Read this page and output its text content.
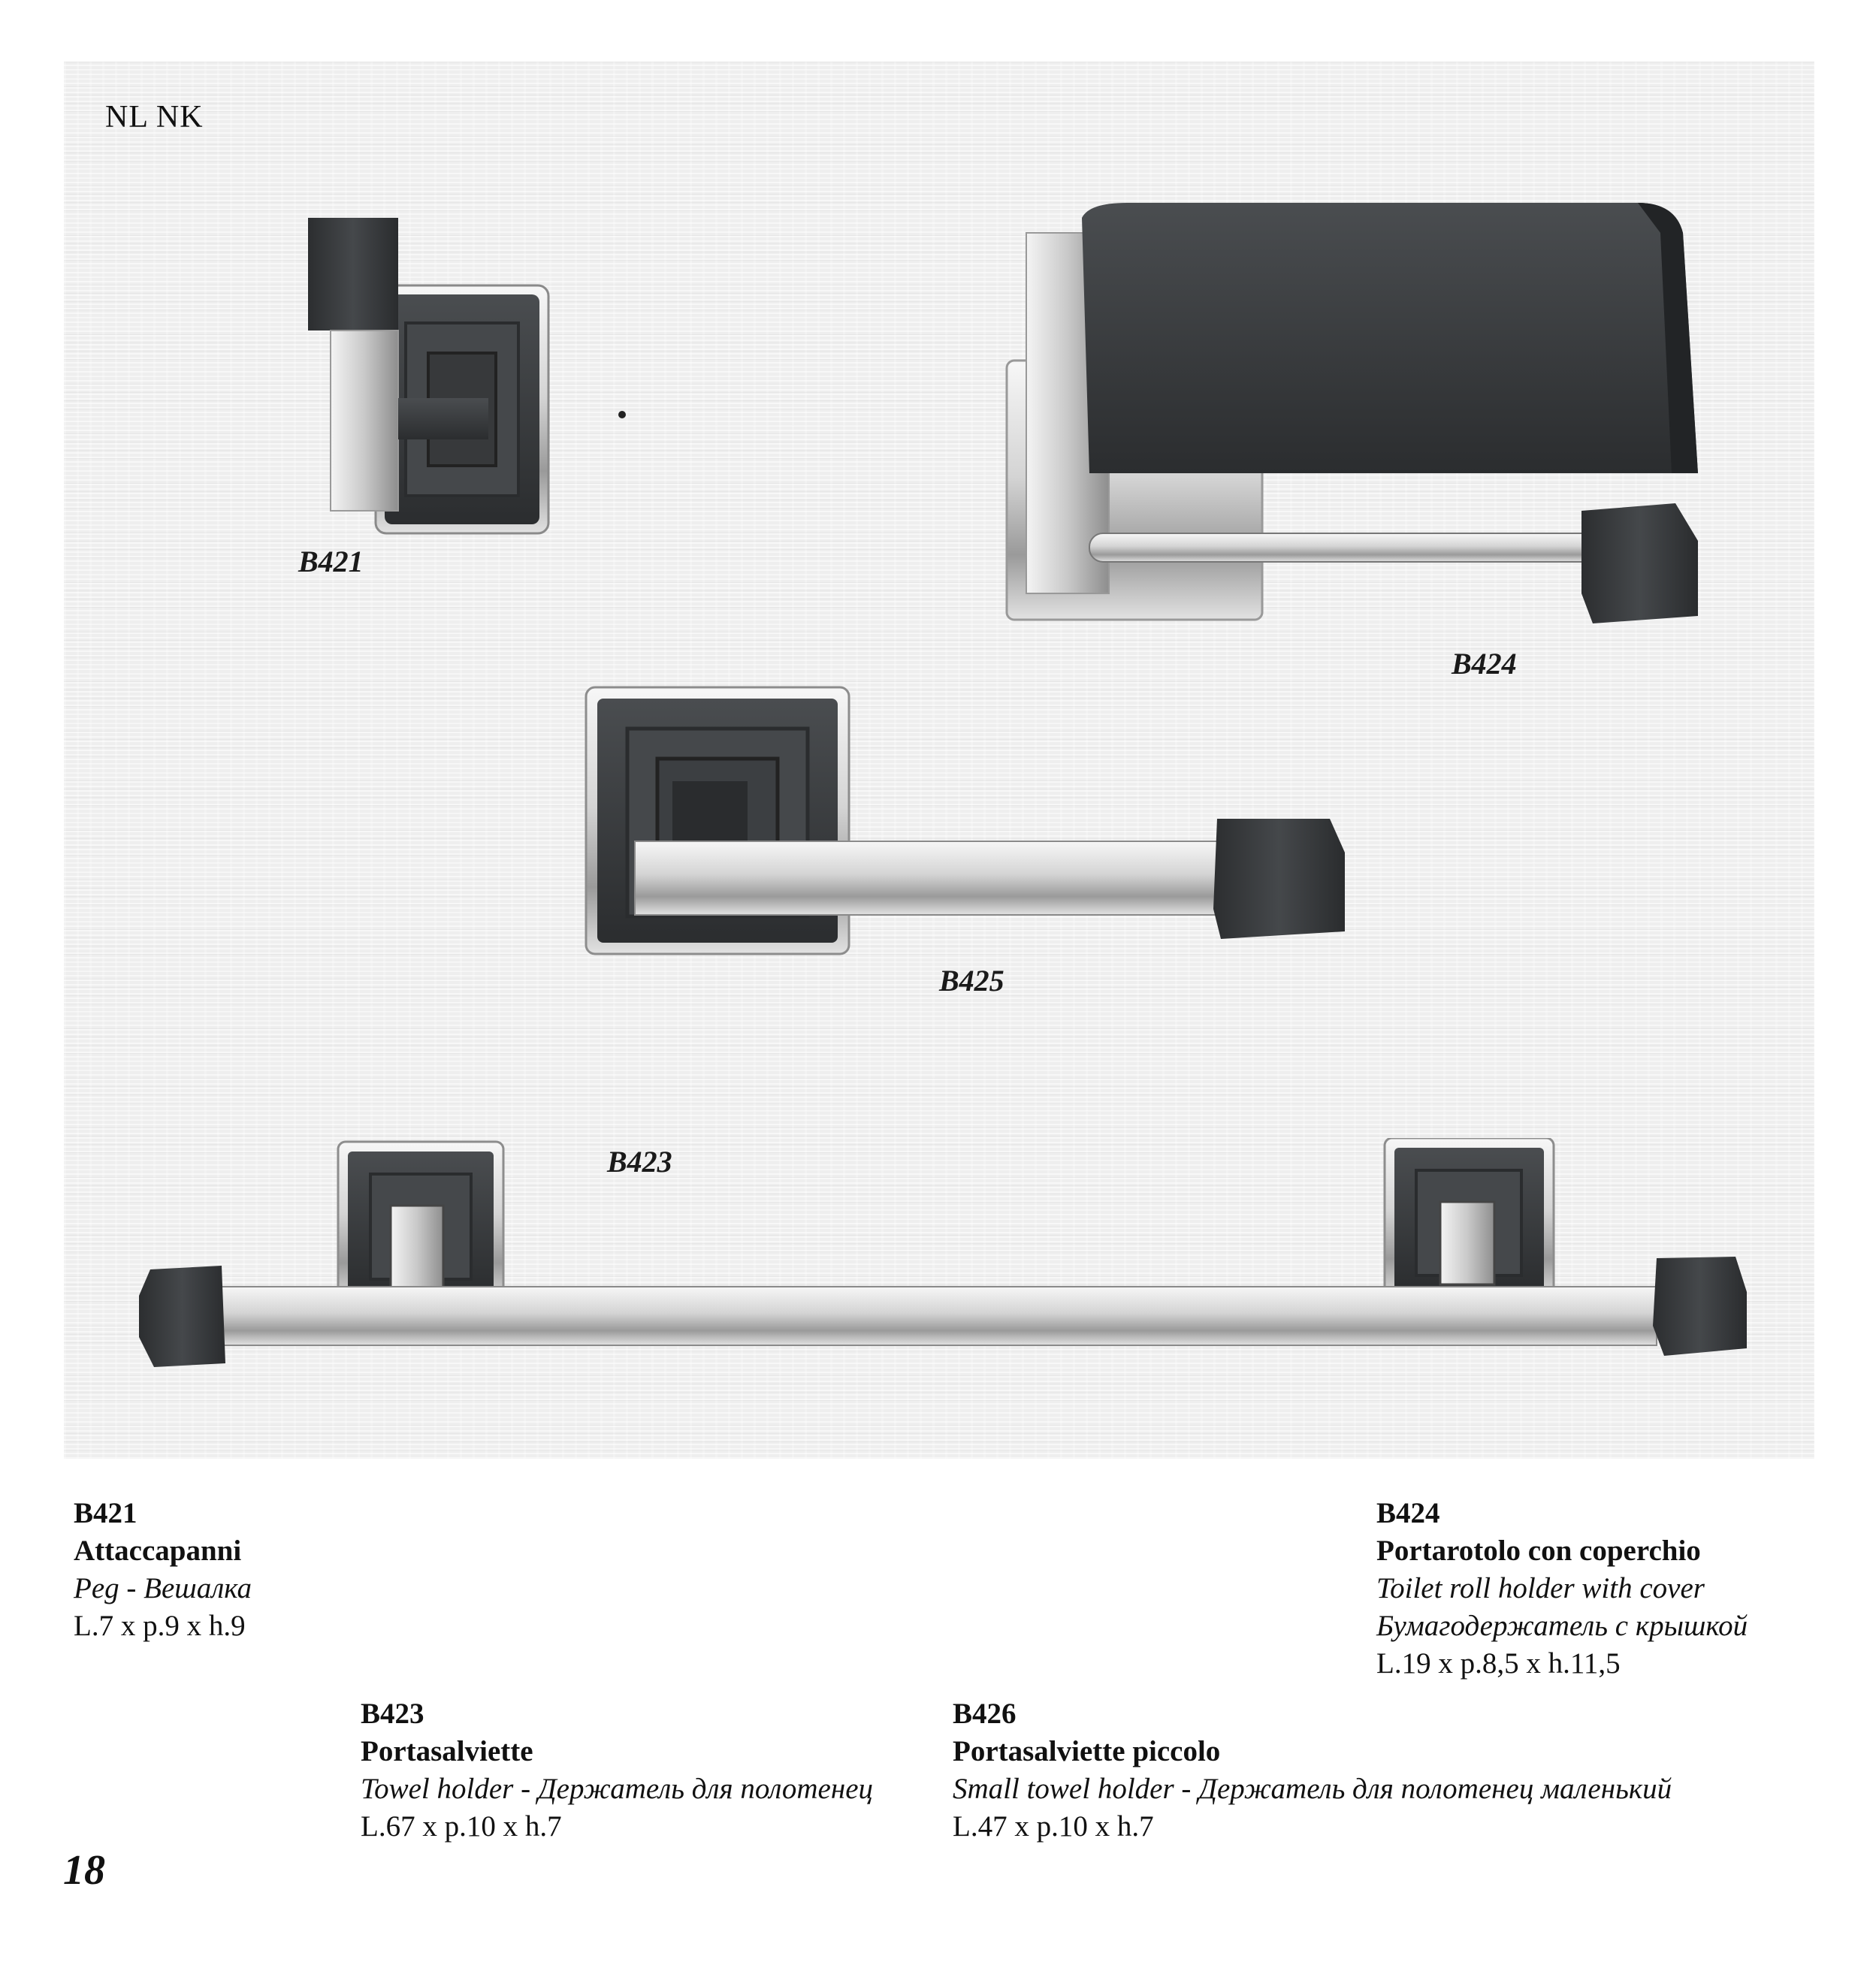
NL NK
B421
B424
B425
B423
B421
Attaccapanni
Peg - Вешалка
L.7 x p.9 x h.9
B424
Portarotolo con coperchio
Toilet roll holder with cover
Бумагодержатель с крышкой
L.19 x p.8,5 x h.11,5
B423
Portasalviette
Towel holder - Держатель для полотенец
L.67 x p.10 x h.7
B426
Portasalviette piccolo
Small towel holder - Держатель для полотенец маленький
L.47 x p.10 x h.7
18
